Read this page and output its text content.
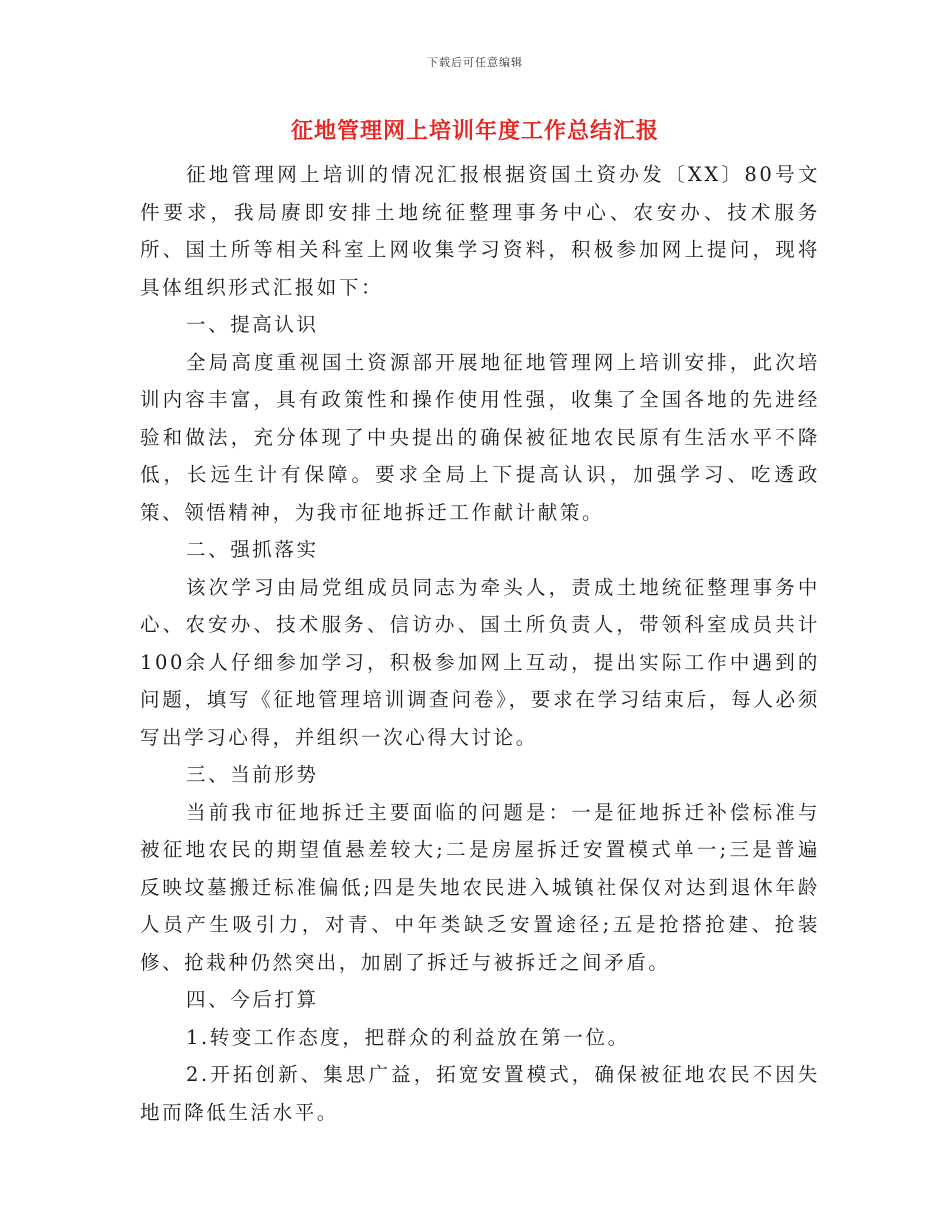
下载后可任意编辑
征地管理网上培训年度工作总结汇报

征地管理网上培训的情况汇报根据资国土资办发〔XX〕80号文件要求，我局赓即安排土地统征整理事务中心、农安办、技术服务所、国土所等相关科室上网收集学习资料，积极参加网上提问，现将具体组织形式汇报如下：

一、提高认识

全局高度重视国土资源部开展地征地管理网上培训安排，此次培训内容丰富，具有政策性和操作使用性强，收集了全国各地的先进经验和做法，充分体现了中央提出的确保被征地农民原有生活水平不降低，长远生计有保障。要求全局上下提高认识，加强学习、吃透政策、领悟精神，为我市征地拆迁工作献计献策。

二、强抓落实

该次学习由局党组成员同志为牵头人，责成土地统征整理事务中心、农安办、技术服务、信访办、国土所负责人，带领科室成员共计100余人仔细参加学习，积极参加网上互动，提出实际工作中遇到的问题，填写《征地管理培训调查问卷》，要求在学习结束后，每人必须写出学习心得，并组织一次心得大讨论。

三、当前形势

当前我市征地拆迁主要面临的问题是：一是征地拆迁补偿标准与被征地农民的期望值悬差较大;二是房屋拆迁安置模式单一;三是普遍反映坟墓搬迁标准偏低;四是失地农民进入城镇社保仅对达到退休年龄人员产生吸引力，对青、中年类缺乏安置途径;五是抢搭抢建、抢装修、抢栽种仍然突出，加剧了拆迁与被拆迁之间矛盾。

四、今后打算

1.转变工作态度，把群众的利益放在第一位。

2.开拓创新、集思广益，拓宽安置模式，确保被征地农民不因失地而降低生活水平。
